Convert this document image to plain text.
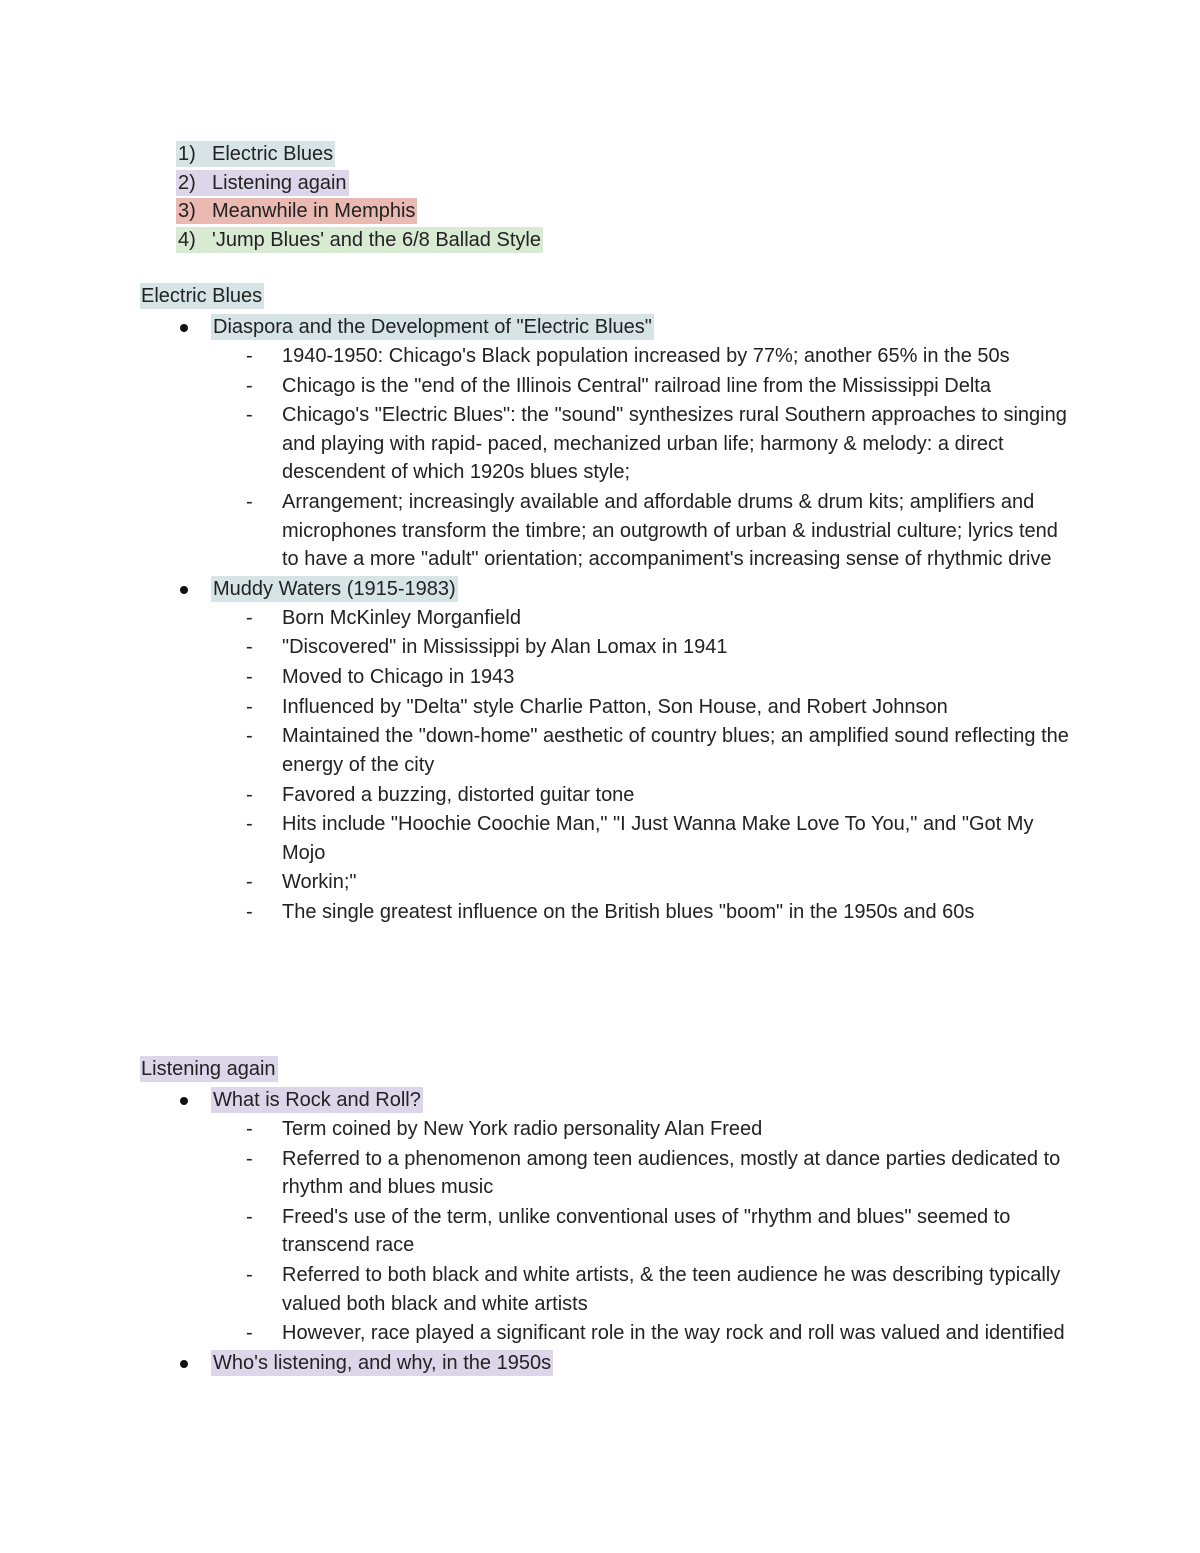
1) Electric Blues
2) Listening again
3) Meanwhile in Memphis
4) 'Jump Blues' and the 6/8 Ballad Style
Electric Blues
Diaspora and the Development of "Electric Blues"
- 1940-1950: Chicago's Black population increased by 77%; another 65% in the 50s
- Chicago is the "end of the Illinois Central" railroad line from the Mississippi Delta
- Chicago's "Electric Blues": the "sound" synthesizes rural Southern approaches to singing and playing with rapid- paced, mechanized urban life; harmony & melody: a direct descendent of which 1920s blues style;
- Arrangement; increasingly available and affordable drums & drum kits; amplifiers and microphones transform the timbre; an outgrowth of urban & industrial culture; lyrics tend to have a more "adult" orientation; accompaniment's increasing sense of rhythmic drive
Muddy Waters (1915-1983)
- Born McKinley Morganfield
- "Discovered" in Mississippi by Alan Lomax in 1941
- Moved to Chicago in 1943
- Influenced by "Delta" style Charlie Patton, Son House, and Robert Johnson
- Maintained the "down-home" aesthetic of country blues; an amplified sound reflecting the energy of the city
- Favored a buzzing, distorted guitar tone
- Hits include "Hoochie Coochie Man," "I Just Wanna Make Love To You," and "Got My Mojo
- Workin;"
- The single greatest influence on the British blues "boom" in the 1950s and 60s
Listening again
What is Rock and Roll?
- Term coined by New York radio personality Alan Freed
- Referred to a phenomenon among teen audiences, mostly at dance parties dedicated to rhythm and blues music
- Freed's use of the term, unlike conventional uses of "rhythm and blues" seemed to transcend race
- Referred to both black and white artists, & the teen audience he was describing typically valued both black and white artists
- However, race played a significant role in the way rock and roll was valued and identified
Who's listening, and why, in the 1950s
